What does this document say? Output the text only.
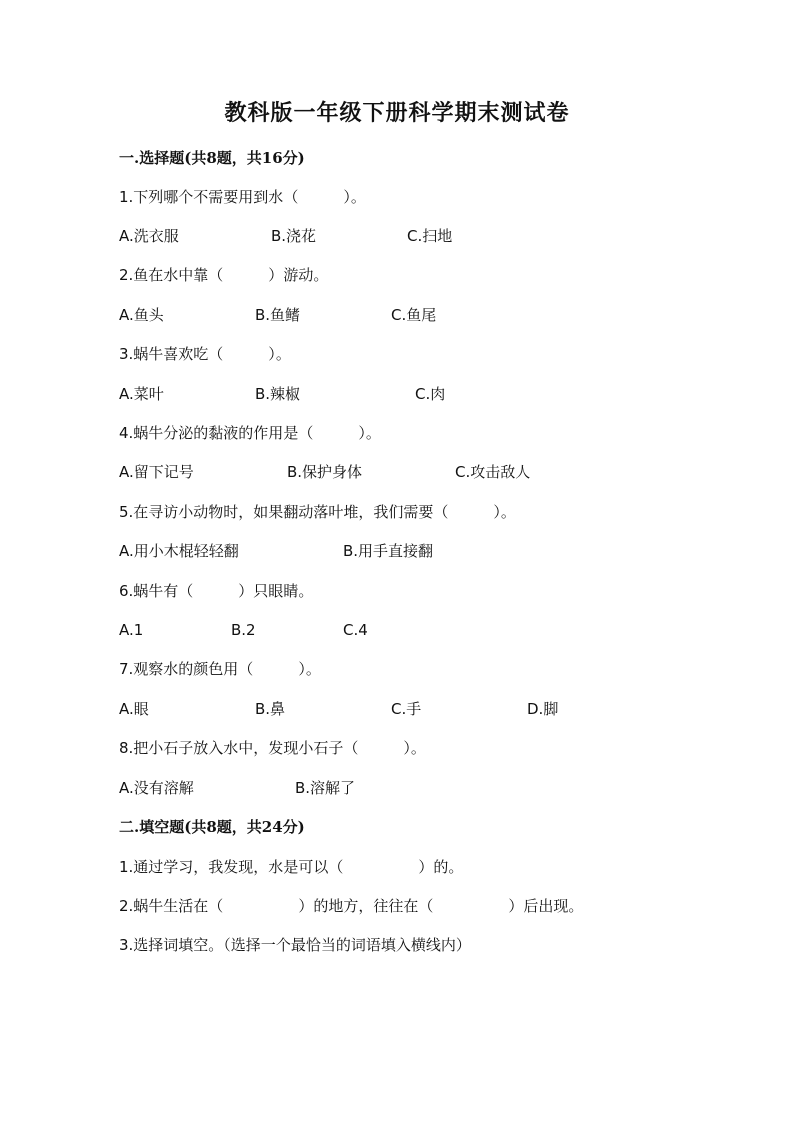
教科版一年级下册科学期末测试卷
一.选择题(共8题，共16分)
1.下列哪个不需要用到水（　　　）。
A.洗衣服	B.浇花	C.扫地
2.鱼在水中靠（　　　）游动。
A.鱼头	B.鱼鳍	C.鱼尾
3.蜗牛喜欢吃（　　　）。
A.菜叶	B.辣椒	C.肉
4.蜗牛分泌的黏液的作用是（　　　）。
A.留下记号	B.保护身体	C.攻击敌人
5.在寻访小动物时，如果翻动落叶堆，我们需要（　　　）。
A.用小木棍轻轻翻	B.用手直接翻
6.蜗牛有（　　　）只眼睛。
A.1	B.2	C.4
7.观察水的颜色用（　　　）。
A.眼	B.鼻	C.手	D.脚
8.把小石子放入水中，发现小石子（　　　）。
A.没有溶解	B.溶解了
二.填空题(共8题，共24分)
1.通过学习，我发现，水是可以（　　　　　）的。
2.蜗牛生活在（　　　　　）的地方，往往在（　　　　　）后出现。
3.选择词填空。（选择一个最恰当的词语填入横线内）
